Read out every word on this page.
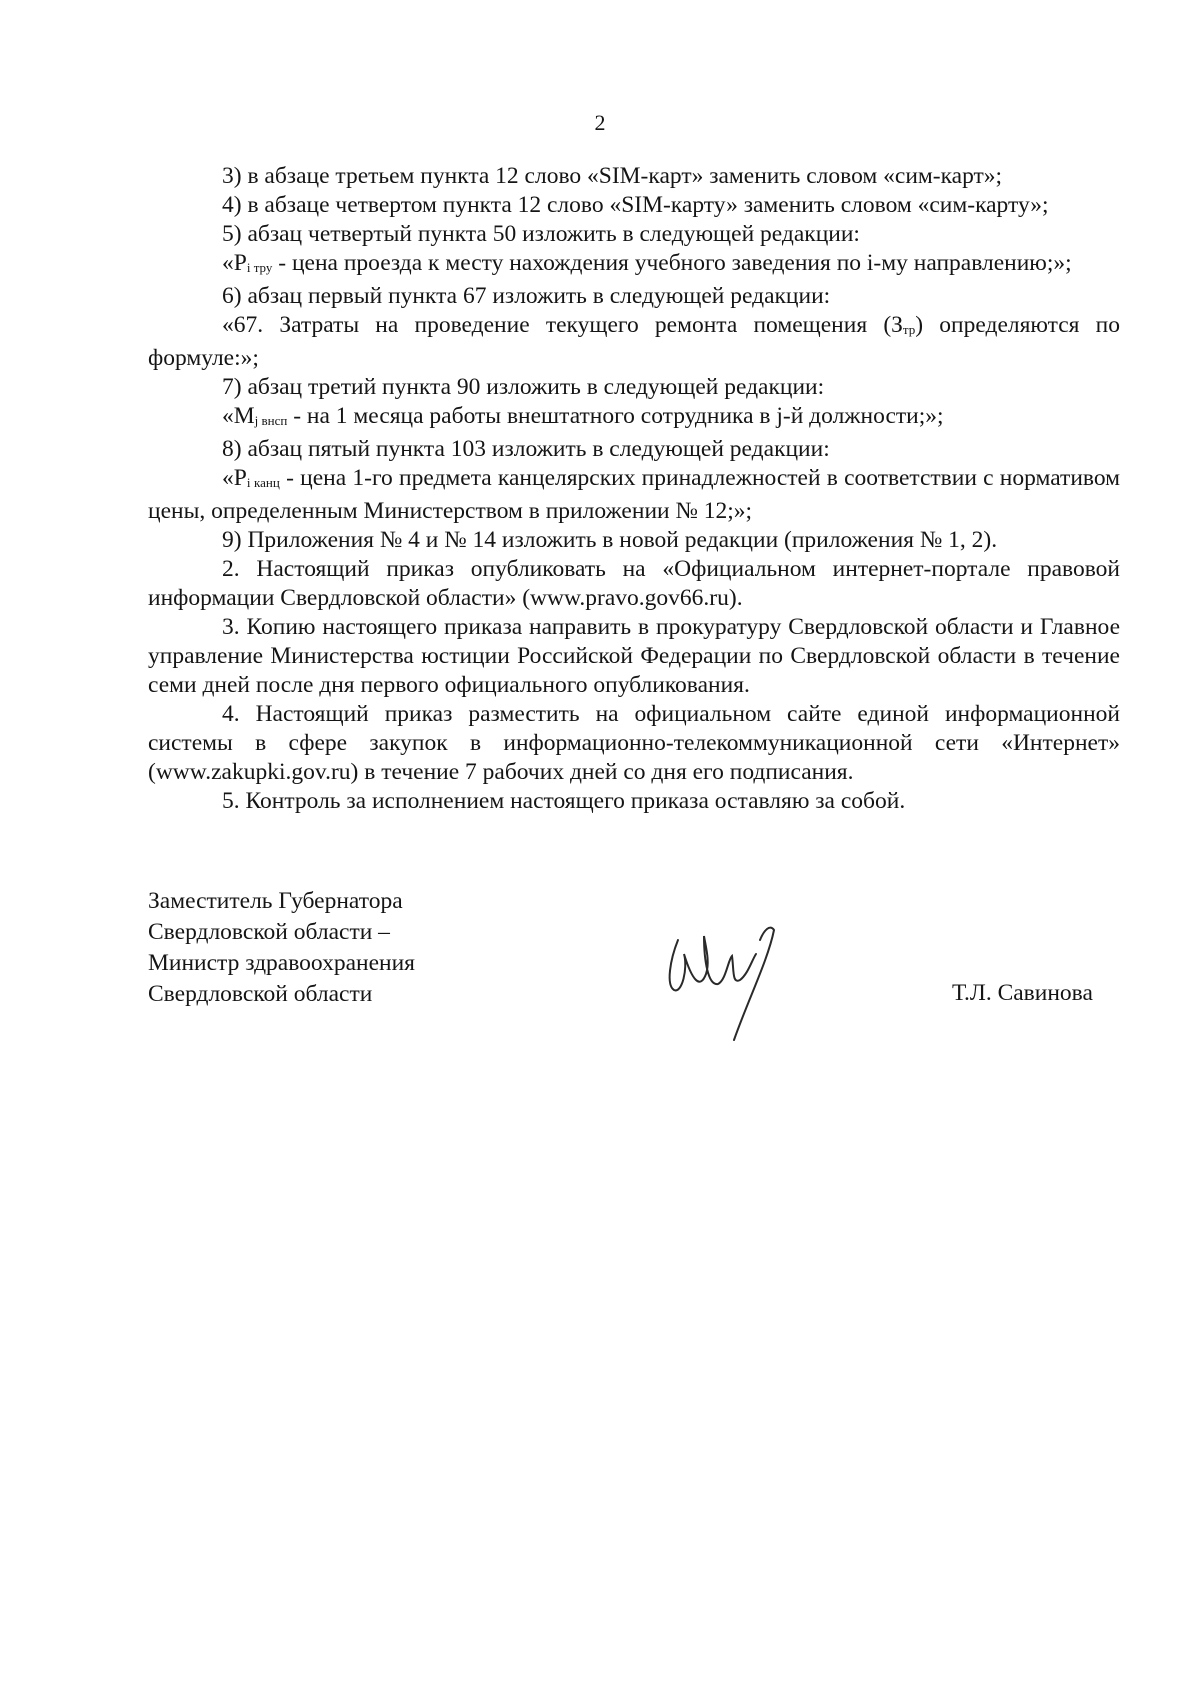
2

3) в абзаце третьем пункта 12 слово «SIM-карт» заменить словом «сим-карт»;

4) в абзаце четвертом пункта 12 слово «SIM-карту» заменить словом «сим-карту»;

5) абзац четвертый пункта 50 изложить в следующей редакции:

«Pi тру - цена проезда к месту нахождения учебного заведения по i-му направлению;»;

6) абзац первый пункта 67 изложить в следующей редакции:

«67. Затраты на проведение текущего ремонта помещения (Зтр) определяются по формуле:»;

7) абзац третий пункта 90 изложить в следующей редакции:

«Mj внсп - на 1 месяца работы внештатного сотрудника в j-й должности;»;

8) абзац пятый пункта 103 изложить в следующей редакции:

«Pi канц - цена 1-го предмета канцелярских принадлежностей в соответствии с нормативом цены, определенным Министерством в приложении № 12;»;

9) Приложения № 4 и № 14 изложить в новой редакции (приложения № 1, 2).

2. Настоящий приказ опубликовать на «Официальном интернет-портале правовой информации Свердловской области» (www.pravo.gov66.ru).

3. Копию настоящего приказа направить в прокуратуру Свердловской области и Главное управление Министерства юстиции Российской Федерации по Свердловской области в течение семи дней после дня первого официального опубликования.

4. Настоящий приказ разместить на официальном сайте единой информационной системы в сфере закупок в информационно-телекоммуникационной сети «Интернет» (www.zakupki.gov.ru) в течение 7 рабочих дней со дня его подписания.

5. Контроль за исполнением настоящего приказа оставляю за собой.

Заместитель Губернатора
Свердловской области –
Министр здравоохранения
Свердловской области	Т.Л. Савинова
